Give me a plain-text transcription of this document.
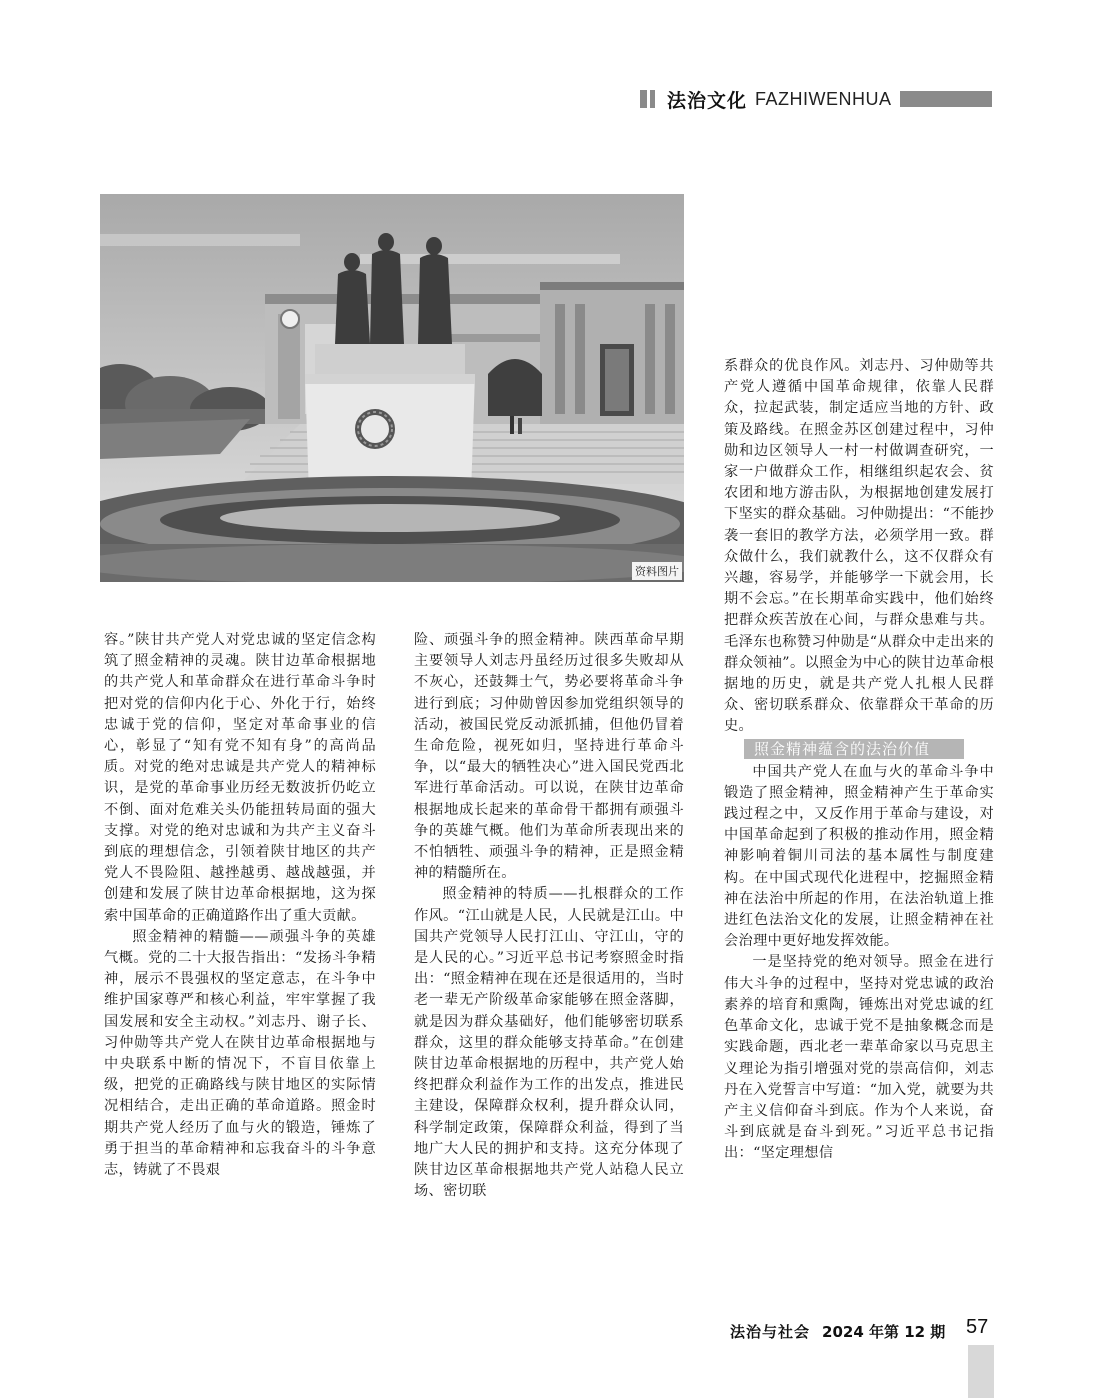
法治文化 FAZHIWENHUA
资料图片

容。”陕甘共产党人对党忠诚的坚定信念构筑了照金精神的灵魂。陕甘边革命根据地的共产党人和革命群众在进行革命斗争时把对党的信仰内化于心、外化于行，始终忠诚于党的信仰，坚定对革命事业的信心，彰显了“知有党不知有身”的高尚品质。对党的绝对忠诚是共产党人的精神标识，是党的革命事业历经无数波折仍屹立不倒、面对危难关头仍能扭转局面的强大支撑。对党的绝对忠诚和为共产主义奋斗到底的理想信念，引领着陕甘地区的共产党人不畏险阻、越挫越勇、越战越强，并创建和发展了陕甘边革命根据地，这为探索中国革命的正确道路作出了重大贡献。

照金精神的精髓——顽强斗争的英雄气概。党的二十大报告指出：“发扬斗争精神，展示不畏强权的坚定意志，在斗争中维护国家尊严和核心利益，牢牢掌握了我国发展和安全主动权。”刘志丹、谢子长、习仲勋等共产党人在陕甘边革命根据地与中央联系中断的情况下，不盲目依靠上级，把党的正确路线与陕甘地区的实际情况相结合，走出正确的革命道路。照金时期共产党人经历了血与火的锻造，锤炼了勇于担当的革命精神和忘我奋斗的斗争意志，铸就了不畏艰

险、顽强斗争的照金精神。陕西革命早期主要领导人刘志丹虽经历过很多失败却从不灰心，还鼓舞士气，势必要将革命斗争进行到底；习仲勋曾因参加党组织领导的活动，被国民党反动派抓捕，但他仍冒着生命危险，视死如归，坚持进行革命斗争，以“最大的牺牲决心”进入国民党西北军进行革命活动。可以说，在陕甘边革命根据地成长起来的革命骨干都拥有顽强斗争的英雄气概。他们为革命所表现出来的不怕牺牲、顽强斗争的精神，正是照金精神的精髓所在。

照金精神的特质——扎根群众的工作作风。“江山就是人民，人民就是江山。中国共产党领导人民打江山、守江山，守的是人民的心。”习近平总书记考察照金时指出：“照金精神在现在还是很适用的，当时老一辈无产阶级革命家能够在照金落脚，就是因为群众基础好，他们能够密切联系群众，这里的群众能够支持革命。”在创建陕甘边革命根据地的历程中，共产党人始终把群众利益作为工作的出发点，推进民主建设，保障群众权利，提升群众认同，科学制定政策，保障群众利益，得到了当地广大人民的拥护和支持。这充分体现了陕甘边区革命根据地共产党人站稳人民立场、密切联

系群众的优良作风。刘志丹、习仲勋等共产党人遵循中国革命规律，依靠人民群众，拉起武装，制定适应当地的方针、政策及路线。在照金苏区创建过程中，习仲勋和边区领导人一村一村做调查研究，一家一户做群众工作，相继组织起农会、贫农团和地方游击队，为根据地创建发展打下坚实的群众基础。习仲勋提出：“不能抄袭一套旧的教学方法，必须学用一致。群众做什么，我们就教什么，这不仅群众有兴趣，容易学，并能够学一下就会用，长期不会忘。”在长期革命实践中，他们始终把群众疾苦放在心间，与群众患难与共。毛泽东也称赞习仲勋是“从群众中走出来的群众领袖”。以照金为中心的陕甘边革命根据地的历史，就是共产党人扎根人民群众、密切联系群众、依靠群众干革命的历史。

照金精神蕴含的法治价值

中国共产党人在血与火的革命斗争中锻造了照金精神，照金精神产生于革命实践过程之中，又反作用于革命与建设，对中国革命起到了积极的推动作用，照金精神影响着铜川司法的基本属性与制度建构。在中国式现代化进程中，挖掘照金精神在法治中所起的作用，在法治轨道上推进红色法治文化的发展，让照金精神在社会治理中更好地发挥效能。

一是坚持党的绝对领导。照金在进行伟大斗争的过程中，坚持对党忠诚的政治素养的培育和熏陶，锤炼出对党忠诚的红色革命文化，忠诚于党不是抽象概念而是实践命题，西北老一辈革命家以马克思主义理论为指引增强对党的崇高信仰，刘志丹在入党誓言中写道：“加入党，就要为共产主义信仰奋斗到底。作为个人来说，奋斗到底就是奋斗到死。”习近平总书记指出：“坚定理想信

法治与社会 2024 年第 12 期 57
